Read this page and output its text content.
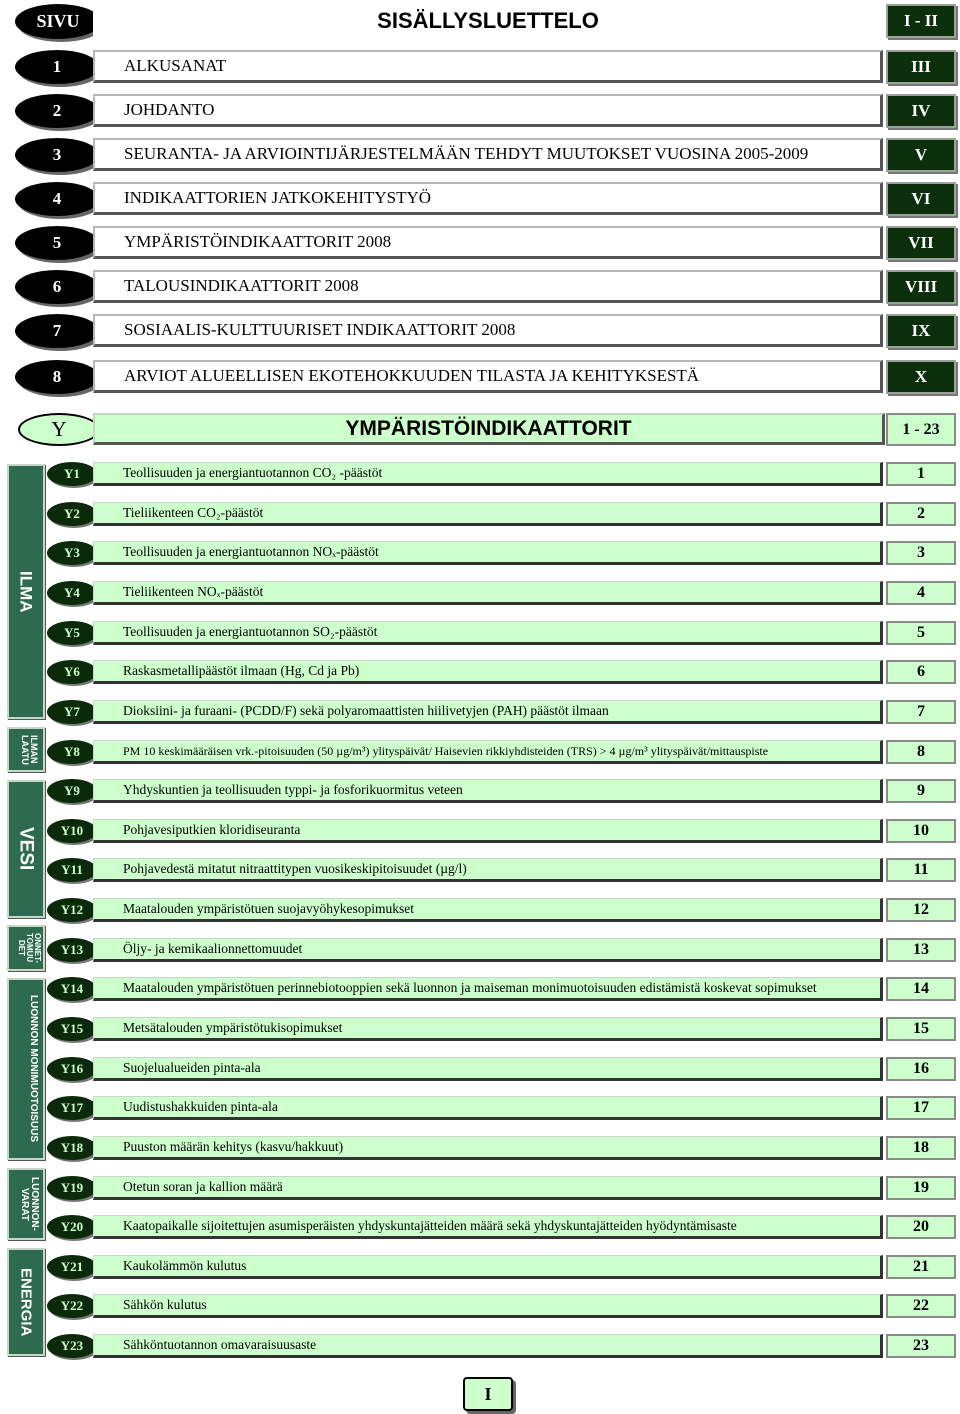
SIVU	SISÄLLYSLUETTELO	I - II
1	ALKUSANAT	III
2	JOHDANTO	IV
3	SEURANTA- JA ARVIOINTIJÄRJESTELMÄÄN TEHDYT MUUTOKSET VUOSINA 2005-2009	V
4	INDIKAATTORIEN JATKOKEHITYSTYÖ	VI
5	YMPÄRISTÖINDIKAATTORIT 2008	VII
6	TALOUSINDIKAATTORIT 2008	VIII
7	SOSIAALIS-KULTTUURISET INDIKAATTORIT 2008	IX
8	ARVIOT ALUEELLISEN EKOTEHOKKUUDEN TILASTA JA KEHITYKSESTÄ	X
Y	YMPÄRISTÖINDIKAATTORIT	1 - 23
ILMA
ILMAN LAATU
VESI
ONNET- TOMUU DET
LUONNON MONIMUOTOISUUS
LUONNON- VARAT
ENERGIA
Y1	Teollisuuden ja energiantuotannon CO₂ -päästöt	1
Y2	Tieliikenteen CO₂-päästöt	2
Y3	Teollisuuden ja energiantuotannon NOₓ-päästöt	3
Y4	Tieliikenteen NOₓ-päästöt	4
Y5	Teollisuuden ja energiantuotannon SO₂-päästöt	5
Y6	Raskasmetallipäästöt ilmaan (Hg, Cd ja Pb)	6
Y7	Dioksiini- ja furaani- (PCDD/F) sekä polyaromaattisten hiilivetyjen (PAH) päästöt ilmaan	7
Y8	PM 10 keskimääräisen vrk.-pitoisuuden (50 µg/m³) ylityspäivät/ Haisevien rikkiyhdisteiden (TRS) > 4 µg/m³ ylityspäivät/mittauspiste	8
Y9	Yhdyskuntien ja teollisuuden typpi- ja fosforikuormitus veteen	9
Y10	Pohjavesiputkien kloridiseuranta	10
Y11	Pohjavedestä mitatut nitraattitypen vuosikeskipitoisuudet (µg/l)	11
Y12	Maatalouden ympäristötuen suojavyöhykesopimukset	12
Y13	Öljy- ja kemikaalionnettomuudet	13
Y14	Maatalouden ympäristötuen perinnebiotooppien sekä luonnon ja maiseman monimuotoisuuden edistämistä koskevat sopimukset	14
Y15	Metsätalouden ympäristötukisopimukset	15
Y16	Suojelualueiden pinta-ala	16
Y17	Uudistushakkuiden pinta-ala	17
Y18	Puuston määrän kehitys (kasvu/hakkuut)	18
Y19	Otetun soran ja kallion määrä	19
Y20	Kaatopaikalle sijoitettujen asumisperäisten yhdyskuntajätteiden määrä sekä yhdyskuntajätteiden hyödyntämisaste	20
Y21	Kaukolämmön kulutus	21
Y22	Sähkön kulutus	22
Y23	Sähköntuotannon omavaraisuusaste	23
I
